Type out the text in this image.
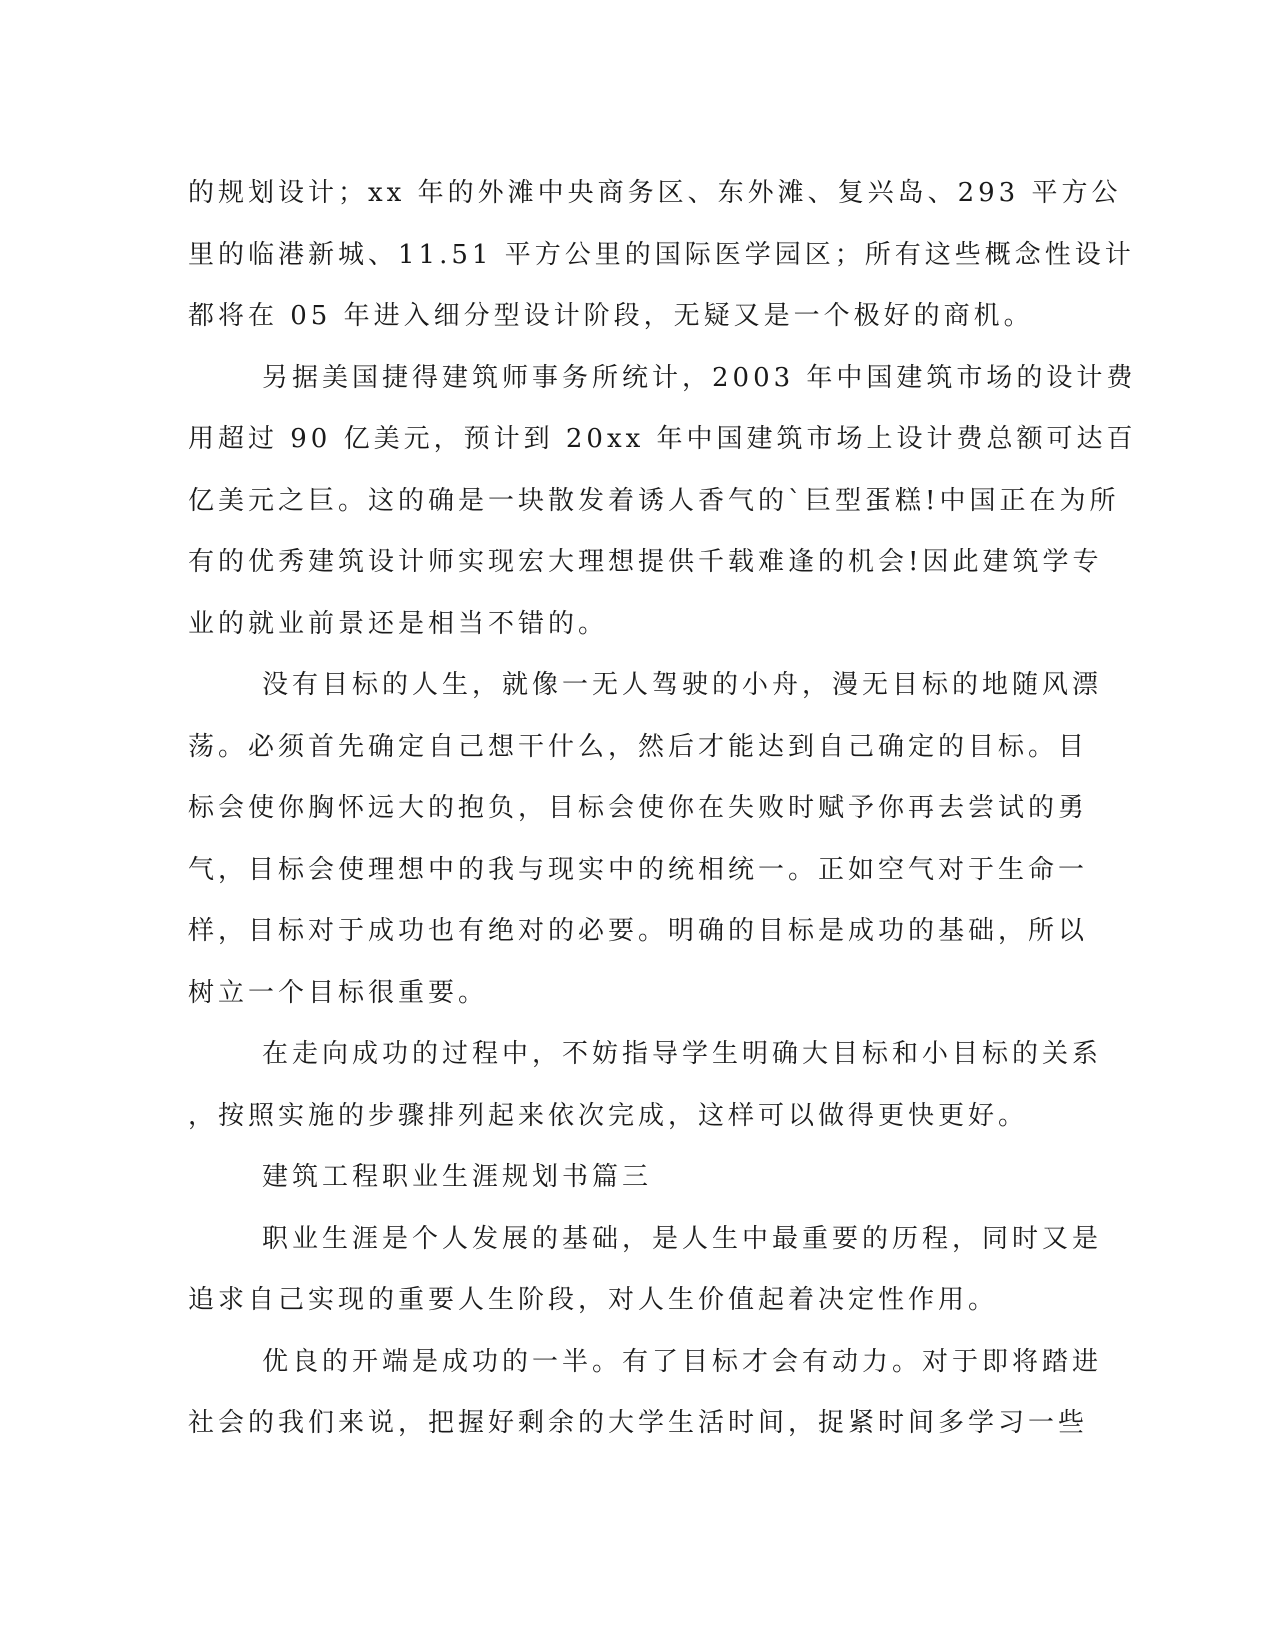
的规划设计；xx 年的外滩中央商务区、东外滩、复兴岛、293 平方公
里的临港新城、11.51 平方公里的国际医学园区；所有这些概念性设计
都将在 05 年进入细分型设计阶段，无疑又是一个极好的商机。
另据美国捷得建筑师事务所统计，2003 年中国建筑市场的设计费
用超过 90 亿美元，预计到 20xx 年中国建筑市场上设计费总额可达百
亿美元之巨。这的确是一块散发着诱人香气的`巨型蛋糕!中国正在为所
有的优秀建筑设计师实现宏大理想提供千载难逢的机会!因此建筑学专
业的就业前景还是相当不错的。
没有目标的人生，就像一无人驾驶的小舟，漫无目标的地随风漂
荡。必须首先确定自己想干什么，然后才能达到自己确定的目标。目
标会使你胸怀远大的抱负，目标会使你在失败时赋予你再去尝试的勇
气，目标会使理想中的我与现实中的统相统一。正如空气对于生命一
样，目标对于成功也有绝对的必要。明确的目标是成功的基础，所以
树立一个目标很重要。
在走向成功的过程中，不妨指导学生明确大目标和小目标的关系
，按照实施的步骤排列起来依次完成，这样可以做得更快更好。
建筑工程职业生涯规划书篇三
职业生涯是个人发展的基础，是人生中最重要的历程，同时又是
追求自己实现的重要人生阶段，对人生价值起着决定性作用。
优良的开端是成功的一半。有了目标才会有动力。对于即将踏进
社会的我们来说，把握好剩余的大学生活时间，捉紧时间多学习一些
